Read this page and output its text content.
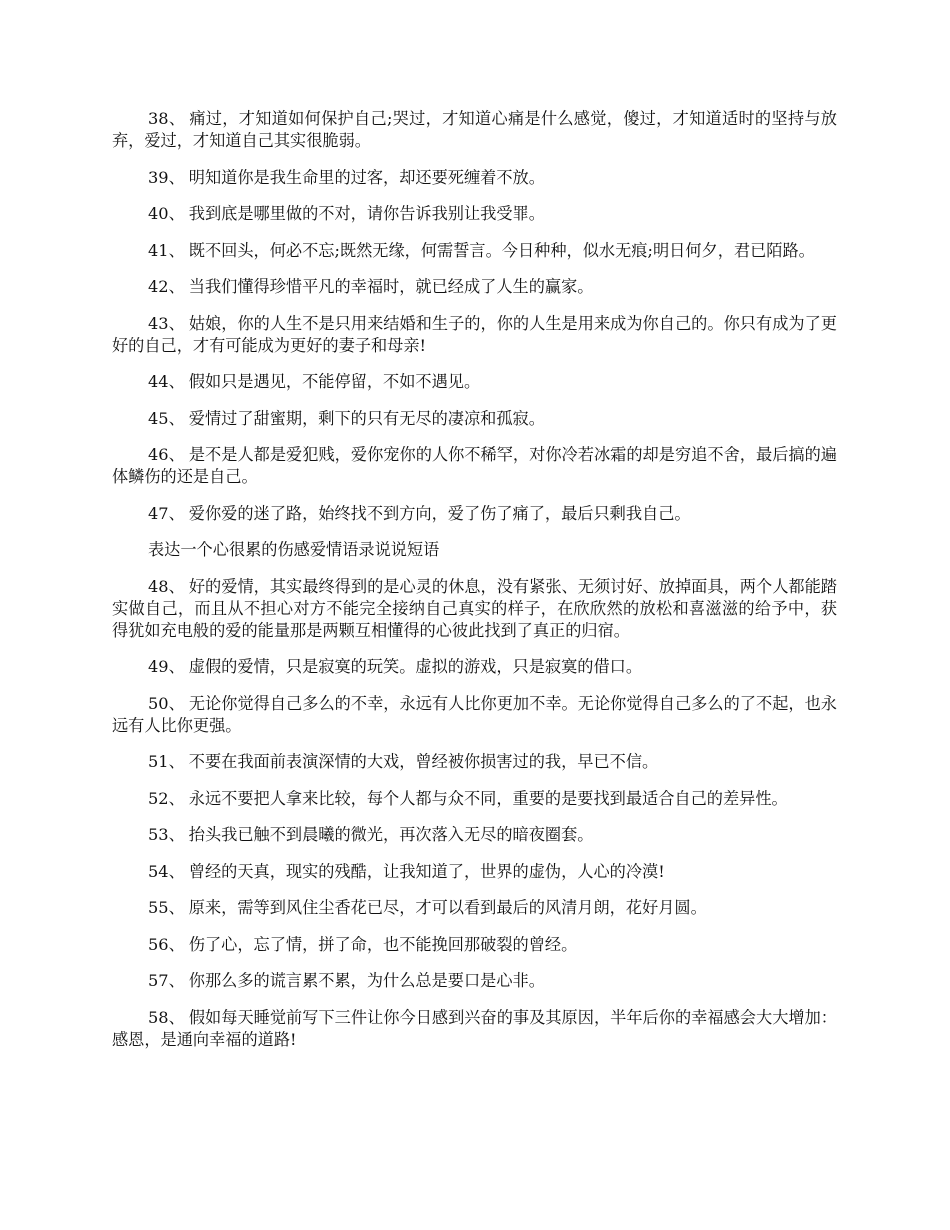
38、 痛过，才知道如何保护自己;哭过，才知道心痛是什么感觉，傻过，才知道适时的坚持与放弃，爱过，才知道自己其实很脆弱。

39、 明知道你是我生命里的过客，却还要死缠着不放。

40、 我到底是哪里做的不对，请你告诉我别让我受罪。

41、 既不回头，何必不忘;既然无缘，何需誓言。今日种种，似水无痕;明日何夕，君已陌路。

42、 当我们懂得珍惜平凡的幸福时，就已经成了人生的赢家。

43、 姑娘，你的人生不是只用来结婚和生子的，你的人生是用来成为你自己的。你只有成为了更好的自己，才有可能成为更好的妻子和母亲!

44、 假如只是遇见，不能停留，不如不遇见。

45、 爱情过了甜蜜期，剩下的只有无尽的凄凉和孤寂。

46、 是不是人都是爱犯贱，爱你宠你的人你不稀罕，对你冷若冰霜的却是穷追不舍，最后搞的遍体鳞伤的还是自己。

47、 爱你爱的迷了路，始终找不到方向，爱了伤了痛了，最后只剩我自己。

表达一个心很累的伤感爱情语录说说短语

48、 好的爱情，其实最终得到的是心灵的休息，没有紧张、无须讨好、放掉面具，两个人都能踏实做自己，而且从不担心对方不能完全接纳自己真实的样子，在欣欣然的放松和喜滋滋的给予中，获得犹如充电般的爱的能量那是两颗互相懂得的心彼此找到了真正的归宿。

49、 虚假的爱情，只是寂寞的玩笑。虚拟的游戏，只是寂寞的借口。

50、 无论你觉得自己多么的不幸，永远有人比你更加不幸。无论你觉得自己多么的了不起，也永远有人比你更强。

51、 不要在我面前表演深情的大戏，曾经被你损害过的我，早已不信。

52、 永远不要把人拿来比较，每个人都与众不同，重要的是要找到最适合自己的差异性。

53、 抬头我已触不到晨曦的微光，再次落入无尽的暗夜圈套。

54、 曾经的天真，现实的残酷，让我知道了，世界的虚伪，人心的冷漠!

55、 原来，需等到风住尘香花已尽，才可以看到最后的风清月朗，花好月圆。

56、 伤了心，忘了情，拼了命，也不能挽回那破裂的曾经。

57、 你那么多的谎言累不累，为什么总是要口是心非。

58、 假如每天睡觉前写下三件让你今日感到兴奋的事及其原因，半年后你的幸福感会大大增加：感恩，是通向幸福的道路!
